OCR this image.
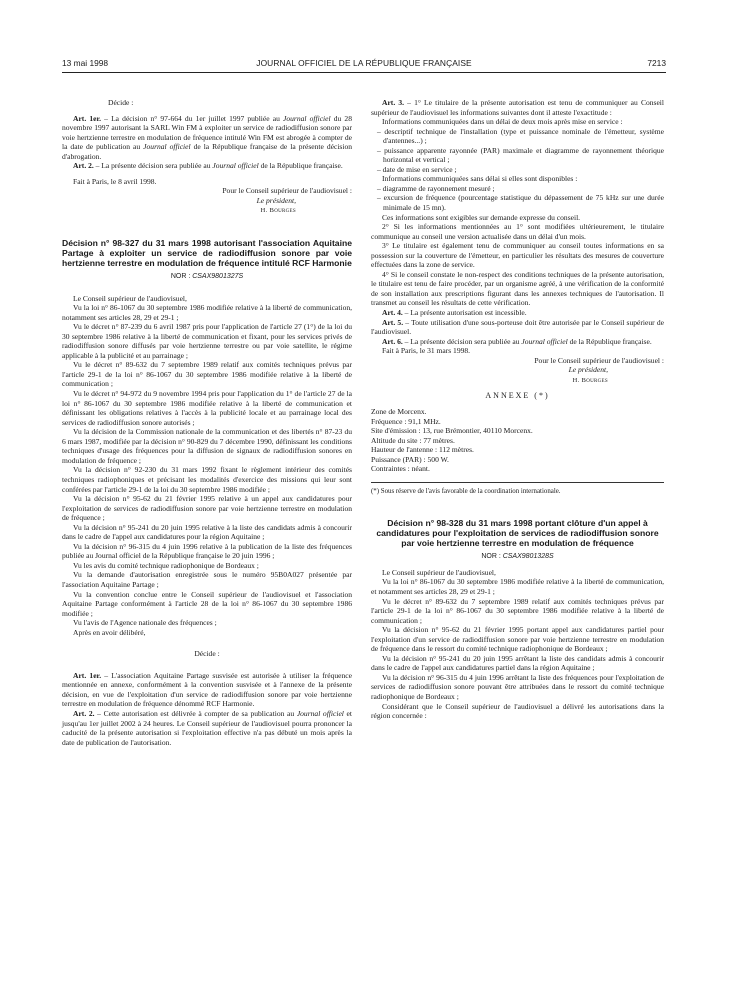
13 mai 1998	JOURNAL OFFICIEL DE LA RÉPUBLIQUE FRANÇAISE	7213

Décide :

Art. 1er. – La décision n° 97-664 du 1er juillet 1997 publiée au Journal officiel du 28 novembre 1997 autorisant la SARL Win FM à exploiter un service de radiodiffusion sonore par voie hertzienne terrestre en modulation de fréquence intitulé Win FM est abrogée à compter de la date de publication au Journal officiel de la République française de la présente décision d'abrogation.

Art. 2. – La présente décision sera publiée au Journal officiel de la République française.

Fait à Paris, le 8 avril 1998.

Pour le Conseil supérieur de l'audiovisuel :

Le président,

H. Bourges

Décision n° 98-327 du 31 mars 1998 autorisant l'association Aquitaine Partage à exploiter un service de radiodiffusion sonore par voie hertzienne terrestre en modulation de fréquence intitulé RCF Harmonie

NOR : CSAX9801327S

Le Conseil supérieur de l'audiovisuel,

Vu la loi n° 86-1067 du 30 septembre 1986 modifiée relative à la liberté de communication, notamment ses articles 28, 29 et 29-1 ;

Vu le décret n° 87-239 du 6 avril 1987 pris pour l'application de l'article 27 (1°) de la loi du 30 septembre 1986 relative à la liberté de communication et fixant, pour les services privés de radiodiffusion sonore diffusés par voie hertzienne terrestre ou par voie satellite, le régime applicable à la publicité et au parrainage ;

Vu le décret n° 89-632 du 7 septembre 1989 relatif aux comités techniques prévus par l'article 29-1 de la loi n° 86-1067 du 30 septembre 1986 modifiée relative à la liberté de communication ;

Vu le décret n° 94-972 du 9 novembre 1994 pris pour l'application du 1° de l'article 27 de la loi n° 86-1067 du 30 septembre 1986 modifiée relative à la liberté de communication et définissant les obligations relatives à l'accès à la publicité locale et au parrainage local des services de radiodiffusion sonore autorisés ;

Vu la décision de la Commission nationale de la communication et des libertés n° 87-23 du 6 mars 1987, modifiée par la décision n° 90-829 du 7 décembre 1990, définissant les conditions techniques d'usage des fréquences pour la diffusion de signaux de radiodiffusion sonores en modulation de fréquence ;

Vu la décision n° 92-230 du 31 mars 1992 fixant le règlement intérieur des comités techniques radiophoniques et précisant les modalités d'exercice des missions qui leur sont conférées par l'article 29-1 de la loi du 30 septembre 1986 modifiée ;

Vu la décision n° 95-62 du 21 février 1995 relative à un appel aux candidatures pour l'exploitation de services de radiodiffusion sonore par voie hertzienne terrestre en modulation de fréquence ;

Vu la décision n° 95-241 du 20 juin 1995 relative à la liste des candidats admis à concourir dans le cadre de l'appel aux candidatures pour la région Aquitaine ;

Vu la décision n° 96-315 du 4 juin 1996 relative à la publication de la liste des fréquences publiée au Journal officiel de la République française le 20 juin 1996 ;

Vu les avis du comité technique radiophonique de Bordeaux ;

Vu la demande d'autorisation enregistrée sous le numéro 95B0A027 présentée par l'association Aquitaine Partage ;

Vu la convention conclue entre le Conseil supérieur de l'audiovisuel et l'association Aquitaine Partage conformément à l'article 28 de la loi n° 86-1067 du 30 septembre 1986 modifiée ;

Vu l'avis de l'Agence nationale des fréquences ;

Après en avoir délibéré,

Décide :

Art. 1er. – L'association Aquitaine Partage susvisée est autorisée à utiliser la fréquence mentionnée en annexe, conformément à la convention susvisée et à l'annexe de la présente décision, en vue de l'exploitation d'un service de radiodiffusion sonore par voie hertzienne terrestre en modulation de fréquence dénommé RCF Harmonie.

Art. 2. – Cette autorisation est délivrée à compter de sa publication au Journal officiel et jusqu'au 1er juillet 2002 à 24 heures. Le Conseil supérieur de l'audiovisuel pourra prononcer la caducité de la présente autorisation si l'exploitation effective n'a pas débuté un mois après la date de publication de l'autorisation.

Art. 3. – 1° Le titulaire de la présente autorisation est tenu de communiquer au Conseil supérieur de l'audiovisuel les informations suivantes dont il atteste l'exactitude :

Informations communiquées dans un délai de deux mois après mise en service :

– descriptif technique de l'installation (type et puissance nominale de l'émetteur, système d'antennes...) ;
– puissance apparente rayonnée (PAR) maximale et diagramme de rayonnement théorique horizontal et vertical ;
– date de mise en service ;

Informations communiquées sans délai si elles sont disponibles :

– diagramme de rayonnement mesuré ;
– excursion de fréquence (pourcentage statistique du dépassement de 75 kHz sur une durée minimale de 15 mn).

Ces informations sont exigibles sur demande expresse du conseil.

2° Si les informations mentionnées au 1° sont modifiées ultérieurement, le titulaire communique au conseil une version actualisée dans un délai d'un mois.

3° Le titulaire est également tenu de communiquer au conseil toutes informations en sa possession sur la couverture de l'émetteur, en particulier les résultats des mesures de couverture effectuées dans la zone de service.

4° Si le conseil constate le non-respect des conditions techniques de la présente autorisation, le titulaire est tenu de faire procéder, par un organisme agréé, à une vérification de la conformité de son installation aux prescriptions figurant dans les annexes techniques de l'autorisation. Il transmet au conseil les résultats de cette vérification.

Art. 4. – La présente autorisation est incessible.

Art. 5. – Toute utilisation d'une sous-porteuse doit être autorisée par le Conseil supérieur de l'audiovisuel.

Art. 6. – La présente décision sera publiée au Journal officiel de la République française.

Fait à Paris, le 31 mars 1998.

Pour le Conseil supérieur de l'audiovisuel :

Le président,

H. Bourges

ANNEXE (*)

Zone de Morcenx.

Fréquence : 91,1 MHz.

Site d'émission : 13, rue Brémontier, 40110 Morcenx.

Altitude du site : 77 mètres.

Hauteur de l'antenne : 112 mètres.

Puissance (PAR) : 500 W.

Contraintes : néant.

(*) Sous réserve de l'avis favorable de la coordination internationale.

Décision n° 98-328 du 31 mars 1998 portant clôture d'un appel à candidatures pour l'exploitation de services de radiodiffusion sonore par voie hertzienne terrestre en modulation de fréquence

NOR : CSAX9801328S

Le Conseil supérieur de l'audiovisuel,

Vu la loi n° 86-1067 du 30 septembre 1986 modifiée relative à la liberté de communication, et notamment ses articles 28, 29 et 29-1 ;

Vu le décret n° 89-632 du 7 septembre 1989 relatif aux comités techniques prévus par l'article 29-1 de la loi n° 86-1067 du 30 septembre 1986 modifiée relative à la liberté de communication ;

Vu la décision n° 95-62 du 21 février 1995 portant appel aux candidatures partiel pour l'exploitation d'un service de radiodiffusion sonore par voie hertzienne terrestre en modulation de fréquence dans le ressort du comité technique radiophonique de Bordeaux ;

Vu la décision n° 95-241 du 20 juin 1995 arrêtant la liste des candidats admis à concourir dans le cadre de l'appel aux candidatures partiel dans la région Aquitaine ;

Vu la décision n° 96-315 du 4 juin 1996 arrêtant la liste des fréquences pour l'exploitation de services de radiodiffusion sonore pouvant être attribuées dans le ressort du comité technique radiophonique de Bordeaux ;

Considérant que le Conseil supérieur de l'audiovisuel a délivré les autorisations dans la région concernée :
